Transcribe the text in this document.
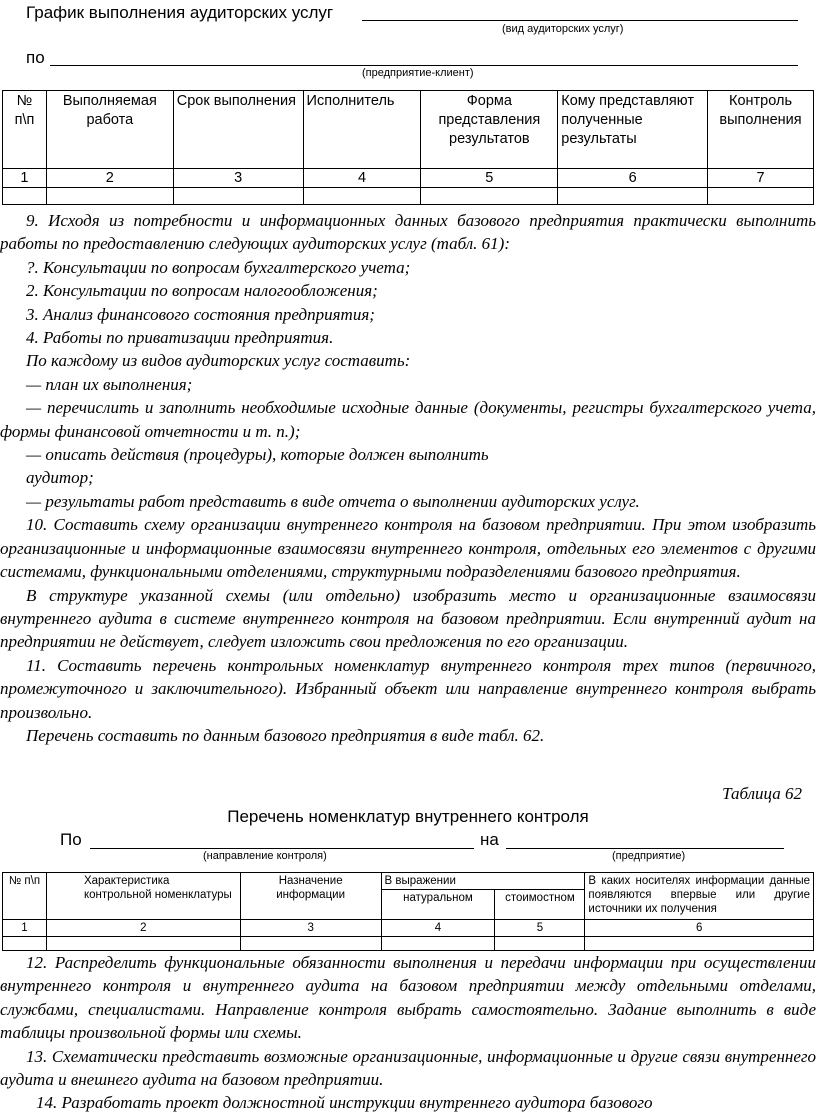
График выполнения аудиторских услуг
(вид аудиторских услуг)
по
(предприятие-клиент)
№ п\п	Выполняемая работа	Срок выполнения	Исполнитель	Форма представления результатов	Кому представляют полученные результаты	Контроль выполнения
1	2	3	4	5	6	7

9. Исходя из потребности и информационных данных базового предприятия практически выполнить работы по предоставлению следующих аудиторских услуг (табл. 61):

?. Консультации по вопросам бухгалтерского учета;

2. Консультации по вопросам налогообложения;

3. Анализ финансового состояния предприятия;

4. Работы по приватизации предприятия.

По каждому из видов аудиторских услуг составить:

— план их выполнения;

— перечислить и заполнить необходимые исходные данные (документы, регистры бухгалтерского учета, формы финансовой отчетности и т. п.);

— описать действия (процедуры), которые должен выполнить

аудитор;

— результаты работ представить в виде отчета о выполнении аудиторских услуг.

10. Составить схему организации внутреннего контроля на базовом предприятии. При этом изобразить организационные и информационные взаимосвязи внутреннего контроля, отдельных его элементов с другими системами, функциональными отделениями, структурными подразделениями базового предприятия.

В структуре указанной схемы (или отдельно) изобразить место и организационные взаимосвязи внутреннего аудита в системе внутреннего контроля на базовом предприятии. Если внутренний аудит на предприятии не действует, следует изложить свои предложения по его организации.

11. Составить перечень контрольных номенклатур внутреннего контроля трех типов (первичного, промежуточного и заключительного). Избранный объект или направление внутреннего контроля выбрать произвольно.

Перечень составить по данным базового предприятия в виде табл. 62.

Таблица 62
Перечень номенклатур внутреннего контроля
По	на
(направление контроля)	(предприятие)
№ п\п	Характеристика контрольной номенклатуры	Назначение информации	В выражении		В каких носителях информации данные появляются впервые или другие источники их получения
			натуральном	стоимостном	
1	2	3	4	5	6

12. Распределить функциональные обязанности выполнения и передачи информации при осуществлении внутреннего контроля и внутреннего аудита на базовом предприятии между отдельными отделами, службами, специалистами. Направление контроля выбрать самостоятельно. Задание выполнить в виде таблицы произвольной формы или схемы.

13. Схематически представить возможные организационные, информационные и другие связи внутреннего аудита и внешнего аудита на базовом предприятии.

14. Разработать проект должностной инструкции внутреннего аудитора базового
